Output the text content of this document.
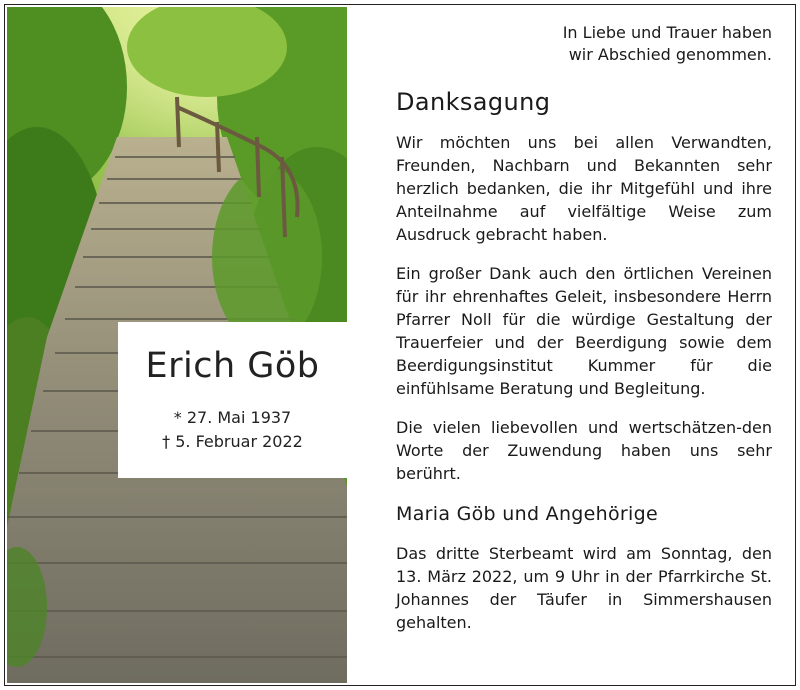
Erich Göb
* 27. Mai 1937
† 5. Februar 2022
In Liebe und Trauer haben
wir Abschied genommen.
Danksagung
Wir möchten uns bei allen Verwandten, Freunden, Nachbarn und Bekannten sehr herzlich bedanken, die ihr Mitgefühl und ihre Anteilnahme auf vielfältige Weise zum Ausdruck gebracht haben.
Ein großer Dank auch den örtlichen Vereinen für ihr ehrenhaftes Geleit, insbesondere Herrn Pfarrer Noll für die würdige Gestaltung der Trauerfeier und der Beerdigung sowie dem Beerdigungsinstitut Kummer für die einfühlsame Beratung und Begleitung.
Die vielen liebevollen und wertschätzen-den Worte der Zuwendung haben uns sehr berührt.
Maria Göb und Angehörige
Das dritte Sterbeamt wird am Sonntag, den 13. März 2022, um 9 Uhr in der Pfarrkirche St. Johannes der Täufer in Simmershausen gehalten.
